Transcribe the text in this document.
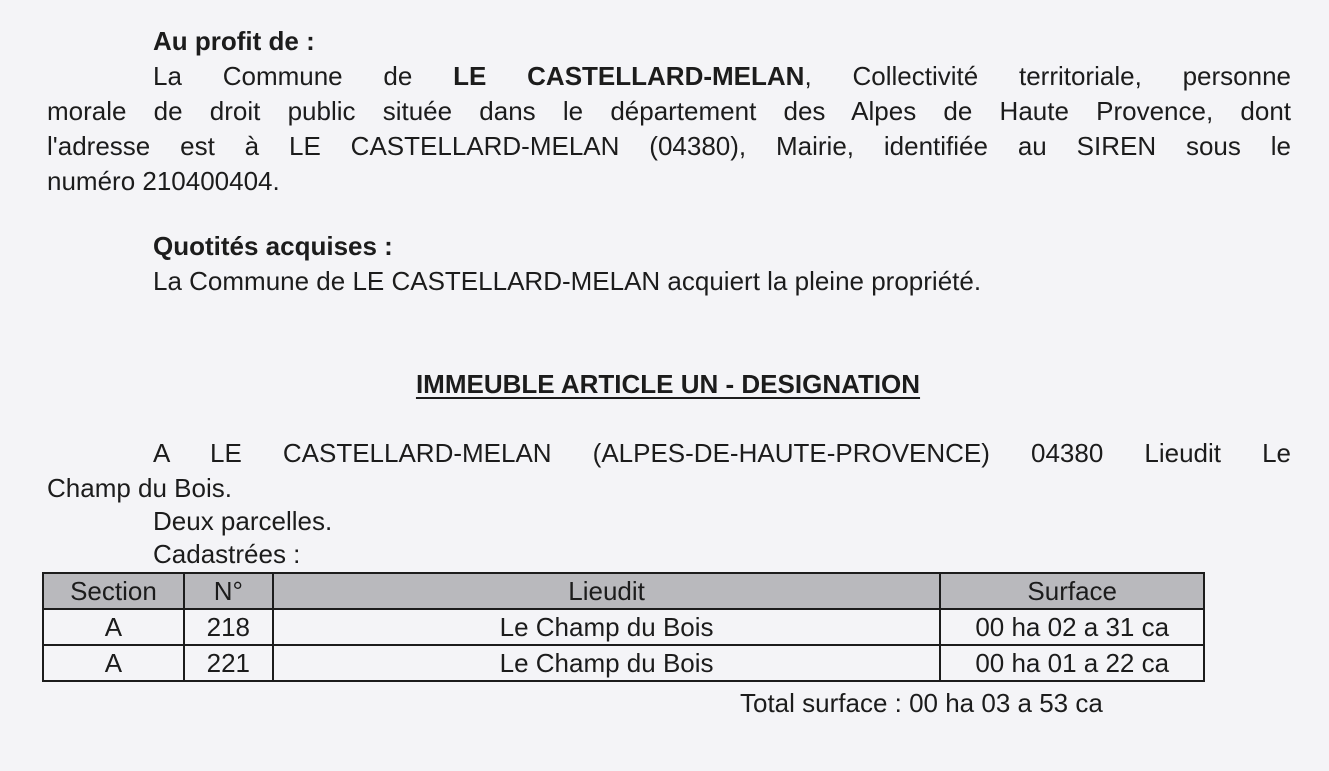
Au profit de :
La Commune de LE CASTELLARD-MELAN, Collectivité territoriale, personne
morale de droit public située dans le département des Alpes de Haute Provence, dont
l'adresse est à LE CASTELLARD-MELAN (04380), Mairie, identifiée au SIREN sous le
numéro 210400404.
Quotités acquises :
La Commune de LE CASTELLARD-MELAN acquiert la pleine propriété.
IMMEUBLE ARTICLE UN - DESIGNATION
A LE CASTELLARD-MELAN (ALPES-DE-HAUTE-PROVENCE) 04380 Lieudit Le
Champ du Bois.
Deux parcelles.
Cadastrées :
Section	N°	Lieudit	Surface
A	218	Le Champ du Bois	00 ha 02 a 31 ca
A	221	Le Champ du Bois	00 ha 01 a 22 ca
Total surface : 00 ha 03 a 53 ca
